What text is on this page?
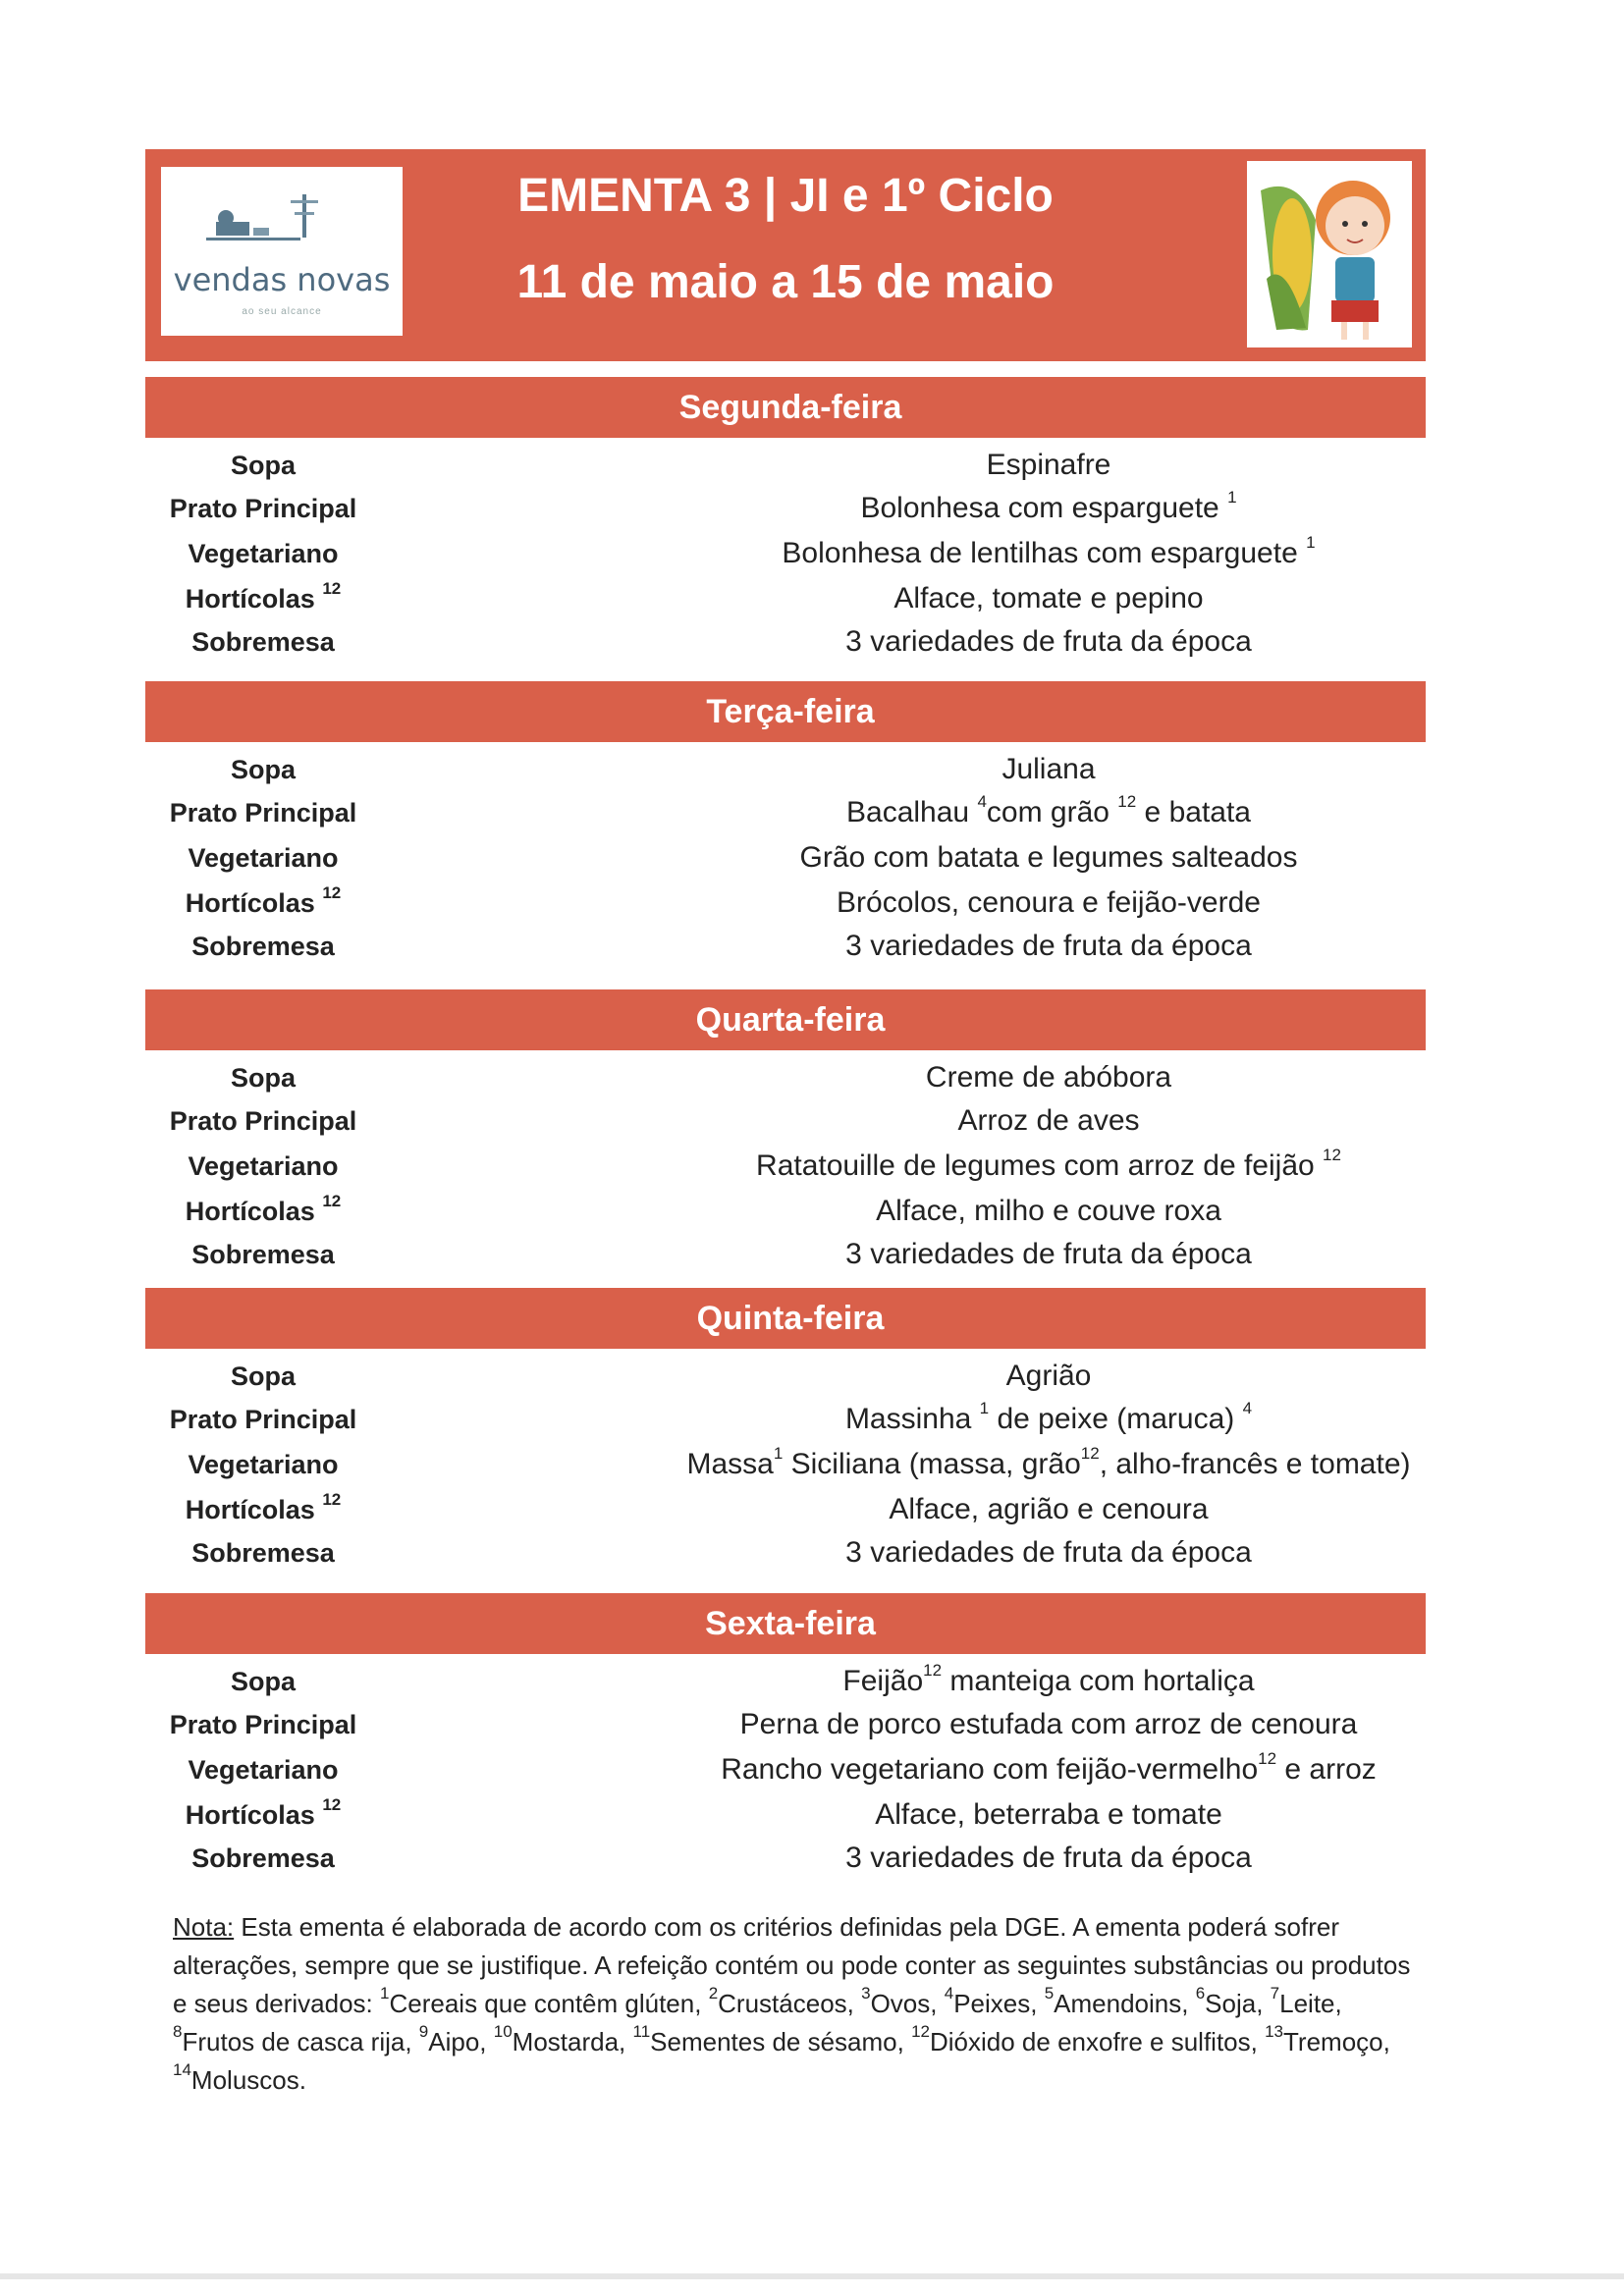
vendas novas
ao seu alcance
EMENTA 3 | JI e 1º Ciclo
11 de maio a 15 de maio
Segunda-feira
Sopa	Espinafre
Prato Principal	Bolonhesa com esparguete $^1$
Vegetariano	Bolonhesa de lentilhas com esparguete $^1$
Hortícolas $^{12}$	Alface, tomate e pepino
Sobremesa	3 variedades de fruta da época
Terça-feira
Sopa	Juliana
Prato Principal	Bacalhau $^4$com grão $^{12}$ e batata
Vegetariano	Grão com batata e legumes salteados
Hortícolas $^{12}$	Brócolos, cenoura e feijão-verde
Sobremesa	3 variedades de fruta da época
Quarta-feira
Sopa	Creme de abóbora
Prato Principal	Arroz de aves
Vegetariano	Ratatouille de legumes com arroz de feijão $^{12}$
Hortícolas $^{12}$	Alface, milho e couve roxa
Sobremesa	3 variedades de fruta da época
Quinta-feira
Sopa	Agrião
Prato Principal	Massinha $^1$ de peixe (maruca) $^4$
Vegetariano	Massa$^1$ Siciliana (massa, grão$^{12}$, alho-francês e tomate)
Hortícolas $^{12}$	Alface, agrião e cenoura
Sobremesa	3 variedades de fruta da época
Sexta-feira
Sopa	Feijão$^{12}$ manteiga com hortaliça
Prato Principal	Perna de porco estufada com arroz de cenoura
Vegetariano	Rancho vegetariano com feijão-vermelho$^{12}$ e arroz
Hortícolas $^{12}$	Alface, beterraba e tomate
Sobremesa	3 variedades de fruta da época
Nota: Esta ementa é elaborada de acordo com os critérios definidas pela DGE. A ementa poderá sofrer alterações, sempre que se justifique. A refeição contém ou pode conter as seguintes substâncias ou produtos e seus derivados: $^1$Cereais que contêm glúten, $^2$Crustáceos, $^3$Ovos, $^4$Peixes, $^5$Amendoins, $^6$Soja, $^7$Leite, $^8$Frutos de casca rija, $^9$Aipo, $^{10}$Mostarda, $^{11}$Sementes de sésamo, $^{12}$Dióxido de enxofre e sulfitos, $^{13}$Tremoço, $^{14}$Moluscos.
